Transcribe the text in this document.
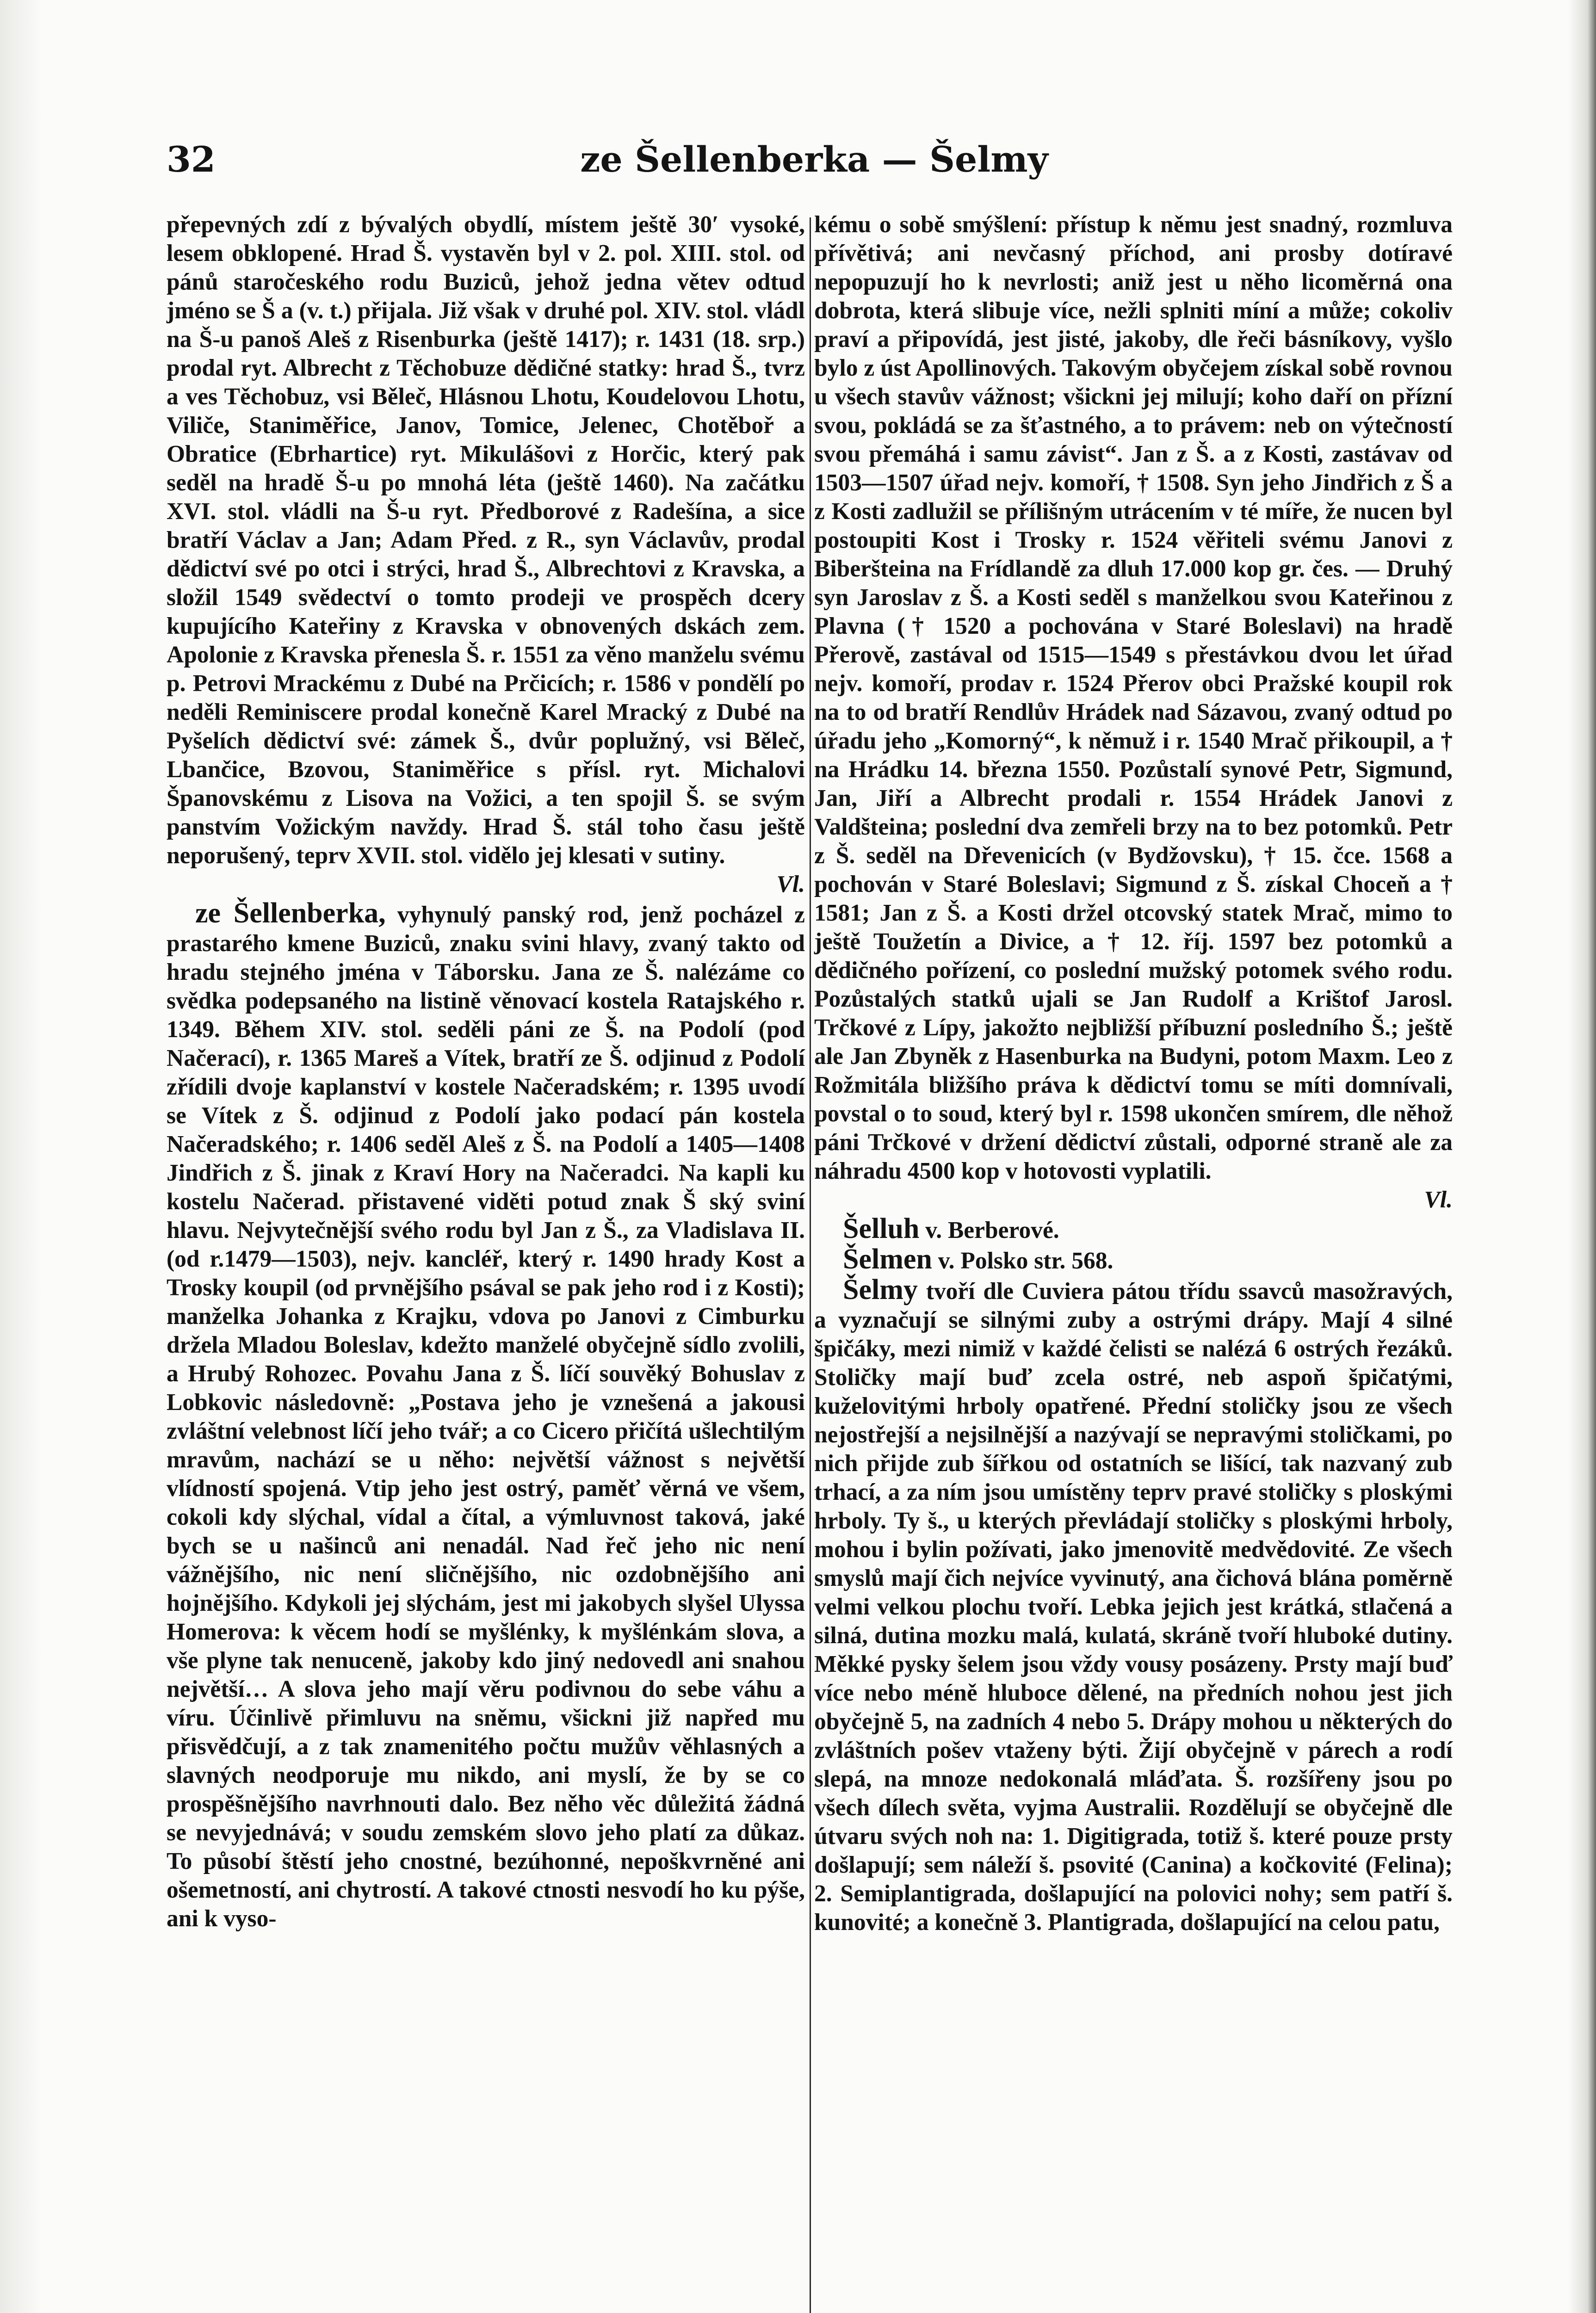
32	ze Šellenberka — Šelmy

přepevných zdí z bývalých obydlí, místem ještě 30′ vysoké, lesem obklopené. Hrad Š. vystavěn byl v 2. pol. XIII. stol. od pánů staročeského rodu Buziců, jehož jedna větev odtud jméno se Š a (v. t.) přijala. Již však v druhé pol. XIV. stol. vládl na Š-u panoš Aleš z Risenburka (ještě 1417); r. 1431 (18. srp.) prodal ryt. Albrecht z Těchobuze dědičné statky: hrad Š., tvrz a ves Těchobuz, vsi Běleč, Hlásnou Lhotu, Koudelovou Lhotu, Viliče, Staniměřice, Janov, Tomice, Jelenec, Chotěboř a Obratice (Ebrhartice) ryt. Mikulášovi z Horčic, který pak seděl na hradě Š-u po mnohá léta (ještě 1460). Na začátku XVI. stol. vládli na Š-u ryt. Předborové z Radešína, a sice bratří Václav a Jan; Adam Před. z R., syn Václavův, prodal dědictví své po otci i strýci, hrad Š., Albrechtovi z Kravska, a složil 1549 svědectví o tomto prodeji ve prospěch dcery kupujícího Kateřiny z Kravska v obnovených dskách zem. Apolonie z Kravska přenesla Š. r. 1551 za věno manželu svému p. Petrovi Mrackému z Dubé na Prčicích; r. 1586 v pondělí po neděli Reminiscere prodal konečně Karel Mracký z Dubé na Pyšelích dědictví své: zámek Š., dvůr poplužný, vsi Běleč, Lbančice, Bzovou, Staniměřice s přísl. ryt. Michalovi Španovskému z Lisova na Vožici, a ten spojil Š. se svým panstvím Vožickým navždy. Hrad Š. stál toho času ještě neporušený, teprv XVII. stol. vidělo jej klesati v sutiny.

Vl.

ze Šellenberka, vyhynulý panský rod, jenž pocházel z prastarého kmene Buziců, znaku svini hlavy, zvaný takto od hradu stejného jména v Táborsku. Jana ze Š. nalézáme co svědka podepsaného na listině věnovací kostela Ratajského r. 1349. Během XIV. stol. seděli páni ze Š. na Podolí (pod Načerací), r. 1365 Mareš a Vítek, bratří ze Š. odjinud z Podolí zřídili dvoje kaplanství v kostele Načeradském; r. 1395 uvodí se Vítek z Š. odjinud z Podolí jako podací pán kostela Načeradského; r. 1406 seděl Aleš z Š. na Podolí a 1405—1408 Jindřich z Š. jinak z Kraví Hory na Načeradci. Na kapli ku kostelu Načerad. přistavené viděti potud znak Š ský sviní hlavu. Nejvytečnější svého rodu byl Jan z Š., za Vladislava II. (od r.1479—1503), nejv. kancléř, který r. 1490 hrady Kost a Trosky koupil (od prvnějšího psával se pak jeho rod i z Kosti); manželka Johanka z Krajku, vdova po Janovi z Cimburku držela Mladou Boleslav, kdežto manželé obyčejně sídlo zvolili, a Hrubý Rohozec. Povahu Jana z Š. líčí souvěký Bohuslav z Lobkovic následovně: „Postava jeho je vznešená a jakousi zvláštní velebnost líčí jeho tvář; a co Cicero přičítá ušlechtilým mravům, nachází se u něho: největší vážnost s největší vlídností spojená. Vtip jeho jest ostrý, paměť věrná ve všem, cokoli kdy slýchal, vídal a čítal, a výmluvnost taková, jaké bych se u našinců ani nenadál. Nad řeč jeho nic není vážnějšího, nic není sličnějšího, nic ozdobnějšího ani hojnějšího. Kdykoli jej slýchám, jest mi jakobych slyšel Ulyssa Homerova: k věcem hodí se myšlénky, k myšlénkám slova, a vše plyne tak nenuceně, jakoby kdo jiný nedovedl ani snahou největší… A slova jeho mají věru podivnou do sebe váhu a víru. Účinlivě přimluvu na sněmu, všickni již napřed mu přisvědčují, a z tak znamenitého počtu mužův věhlasných a slavných neodporuje mu nikdo, ani myslí, že by se co prospěšnějšího navrhnouti dalo. Bez něho věc důležitá žádná se nevyjednává; v soudu zemském slovo jeho platí za důkaz. To působí štěstí jeho cnostné, bezúhonné, nepoškvrněné ani ošemetností, ani chytrostí. A takové ctnosti nesvodí ho ku pýše, ani k vyso-

kému o sobě smýšlení: přístup k němu jest snadný, rozmluva přívětivá; ani nevčasný příchod, ani prosby dotíravé nepopuzují ho k nevrlosti; aniž jest u něho licoměrná ona dobrota, která slibuje více, nežli splniti míní a může; cokoliv praví a připovídá, jest jisté, jakoby, dle řeči básníkovy, vyšlo bylo z úst Apollinových. Takovým obyčejem získal sobě rovnou u všech stavův vážnost; všickni jej milují; koho daří on přízní svou, pokládá se za šťastného, a to právem: neb on výtečností svou přemáhá i samu závist“. Jan z Š. a z Kosti, zastávav od 1503—1507 úřad nejv. komoří, † 1508. Syn jeho Jindřich z Š a z Kosti zadlužil se přílišným utrácením v té míře, že nucen byl postoupiti Kost i Trosky r. 1524 věřiteli svému Janovi z Biberšteina na Frídlandě za dluh 17.000 kop gr. čes. — Druhý syn Jaroslav z Š. a Kosti seděl s manželkou svou Kateřinou z Plavna († 1520 a pochována v Staré Boleslavi) na hradě Přerově, zastával od 1515—1549 s přestávkou dvou let úřad nejv. komoří, prodav r. 1524 Přerov obci Pražské koupil rok na to od bratří Rendlův Hrádek nad Sázavou, zvaný odtud po úřadu jeho „Komorný“, k němuž i r. 1540 Mrač přikoupil, a † na Hrádku 14. března 1550. Pozůstalí synové Petr, Sigmund, Jan, Jiří a Albrecht prodali r. 1554 Hrádek Janovi z Valdšteina; poslední dva zemřeli brzy na to bez potomků. Petr z Š. seděl na Dřevenicích (v Bydžovsku), † 15. čce. 1568 a pochován v Staré Boleslavi; Sigmund z Š. získal Choceň a † 1581; Jan z Š. a Kosti držel otcovský statek Mrač, mimo to ještě Toužetín a Divice, a † 12. říj. 1597 bez potomků a dědičného pořízení, co poslední mužský potomek svého rodu. Pozůstalých statků ujali se Jan Rudolf a Krištof Jarosl. Trčkové z Lípy, jakožto nejbližší příbuzní posledního Š.; ještě ale Jan Zbyněk z Hasenburka na Budyni, potom Maxm. Leo z Rožmitála bližšího práva k dědictví tomu se míti domnívali, povstal o to soud, který byl r. 1598 ukončen smírem, dle něhož páni Trčkové v držení dědictví zůstali, odporné straně ale za náhradu 4500 kop v hotovosti vyplatili.

Vl.

Šelluh v. Berberové.

Šelmen v. Polsko str. 568.

Šelmy tvoří dle Cuviera pátou třídu ssavců masožravých, a vyznačují se silnými zuby a ostrými drápy. Mají 4 silné špičáky, mezi nimiž v každé čelisti se nalézá 6 ostrých řezáků. Stoličky mají buď zcela ostré, neb aspoň špičatými, kuželovitými hrboly opatřené. Přední stoličky jsou ze všech nejostřejší a nejsilnější a nazývají se nepravými stoličkami, po nich přijde zub šířkou od ostatních se lišící, tak nazvaný zub trhací, a za ním jsou umístěny teprv pravé stoličky s ploskými hrboly. Ty š., u kterých převládají stoličky s ploskými hrboly, mohou i bylin požívati, jako jmenovitě medvědovité. Ze všech smyslů mají čich nejvíce vyvinutý, ana čichová blána poměrně velmi velkou plochu tvoří. Lebka jejich jest krátká, stlačená a silná, dutina mozku malá, kulatá, skráně tvoří hluboké dutiny. Měkké pysky šelem jsou vždy vousy posázeny. Prsty mají buď více nebo méně hluboce dělené, na předních nohou jest jich obyčejně 5, na zadních 4 nebo 5. Drápy mohou u některých do zvláštních pošev vtaženy býti. Žijí obyčejně v párech a rodí slepá, na mnoze nedokonalá mláďata. Š. rozšířeny jsou po všech dílech světa, vyjma Australii. Rozdělují se obyčejně dle útvaru svých noh na: 1. Digitigrada, totiž š. které pouze prsty došlapují; sem náleží š. psovité (Canina) a kočkovité (Felina); 2. Semiplantigrada, došlapující na polovici nohy; sem patří š. kunovité; a konečně 3. Plantigrada, došlapující na celou patu,
